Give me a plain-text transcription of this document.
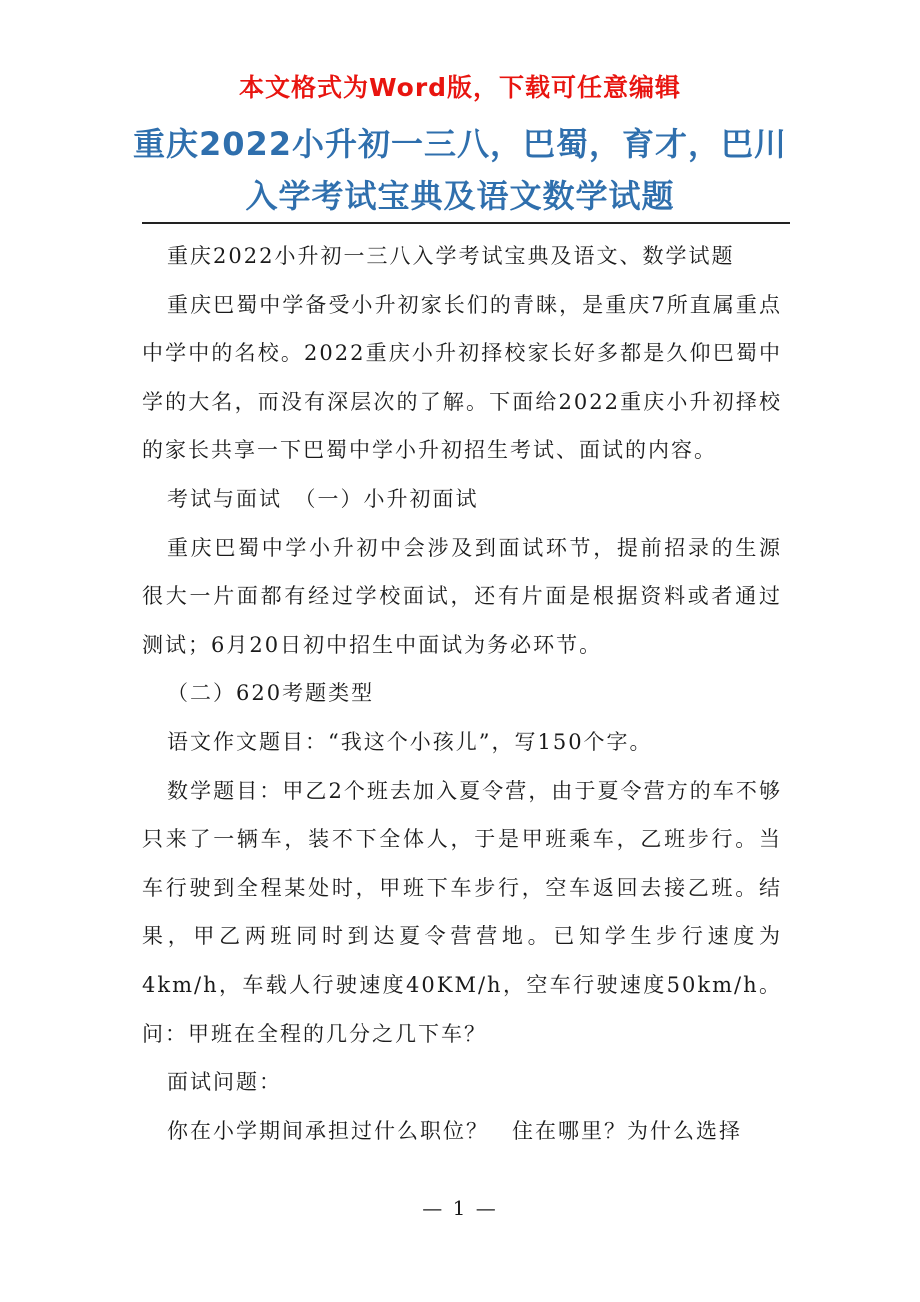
本文格式为Word版，下载可任意编辑
重庆2022小升初一三八，巴蜀，育才，巴川入学考试宝典及语文数学试题

重庆2022小升初一三八入学考试宝典及语文、数学试题

重庆巴蜀中学备受小升初家长们的青睐，是重庆7所直属重点中学中的名校。2022重庆小升初择校家长好多都是久仰巴蜀中学的大名，而没有深层次的了解。下面给2022重庆小升初择校的家长共享一下巴蜀中学小升初招生考试、面试的内容。

考试与面试　（一）小升初面试

重庆巴蜀中学小升初中会涉及到面试环节，提前招录的生源很大一片面都有经过学校面试，还有片面是根据资料或者通过测试；6月20日初中招生中面试为务必环节。

（二）620考题类型

语文作文题目：“我这个小孩儿”，写150个字。

数学题目：甲乙2个班去加入夏令营，由于夏令营方的车不够只来了一辆车，装不下全体人，于是甲班乘车，乙班步行。当车行驶到全程某处时，甲班下车步行，空车返回去接乙班。结果，甲乙两班同时到达夏令营营地。已知学生步行速度为4km/h，车载人行驶速度40KM/h，空车行驶速度50km/h。问：甲班在全程的几分之几下车？

面试问题：

你在小学期间承担过什么职位？　住在哪里？为什么选择

— 1 —
